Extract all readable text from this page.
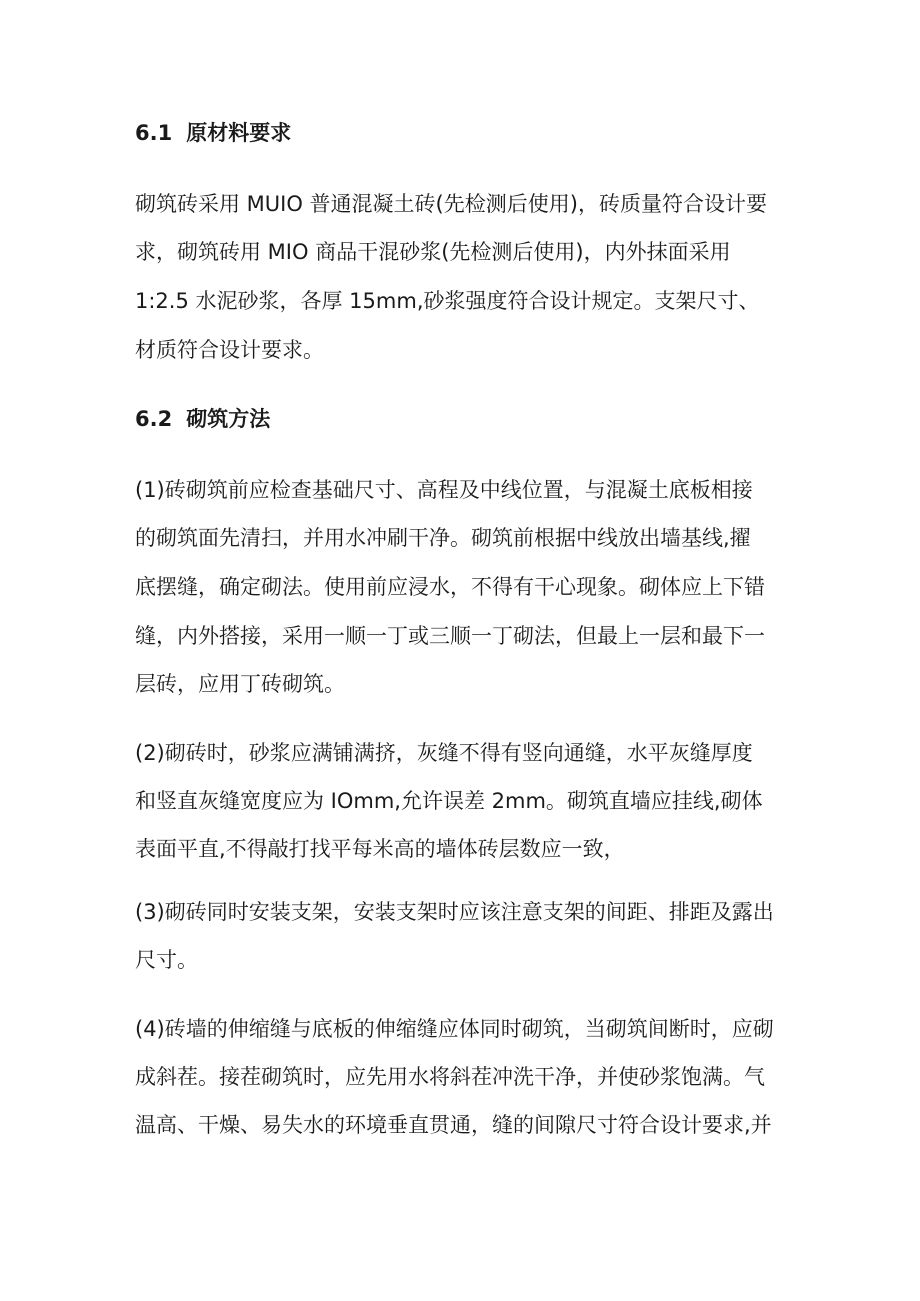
6.1 原材料要求
砌筑砖采用 MUIO 普通混凝土砖(先检测后使用)，砖质量符合设计要
求，砌筑砖用 MIO 商品干混砂浆(先检测后使用)，内外抹面采用
1:2.5 水泥砂浆，各厚 15mm,砂浆强度符合设计规定。支架尺寸、
材质符合设计要求。
6.2 砌筑方法
(1)砖砌筑前应检查基础尺寸、高程及中线位置，与混凝土底板相接
的砌筑面先清扫，并用水冲刷干净。砌筑前根据中线放出墙基线,擢
底摆缝，确定砌法。使用前应浸水，不得有干心现象。砌体应上下错
缝，内外搭接，采用一顺一丁或三顺一丁砌法，但最上一层和最下一
层砖，应用丁砖砌筑。
(2)砌砖时，砂浆应满铺满挤，灰缝不得有竖向通缝，水平灰缝厚度
和竖直灰缝宽度应为 IOmm,允许误差 2mm。砌筑直墙应挂线,砌体
表面平直,不得敲打找平每米高的墙体砖层数应一致，
(3)砌砖同时安装支架，安装支架时应该注意支架的间距、排距及露出
尺寸。
(4)砖墙的伸缩缝与底板的伸缩缝应体同时砌筑，当砌筑间断时，应砌
成斜茬。接茬砌筑时，应先用水将斜茬冲洗干净，并使砂浆饱满。气
温高、干燥、易失水的环境垂直贯通，缝的间隙尺寸符合设计要求,并
